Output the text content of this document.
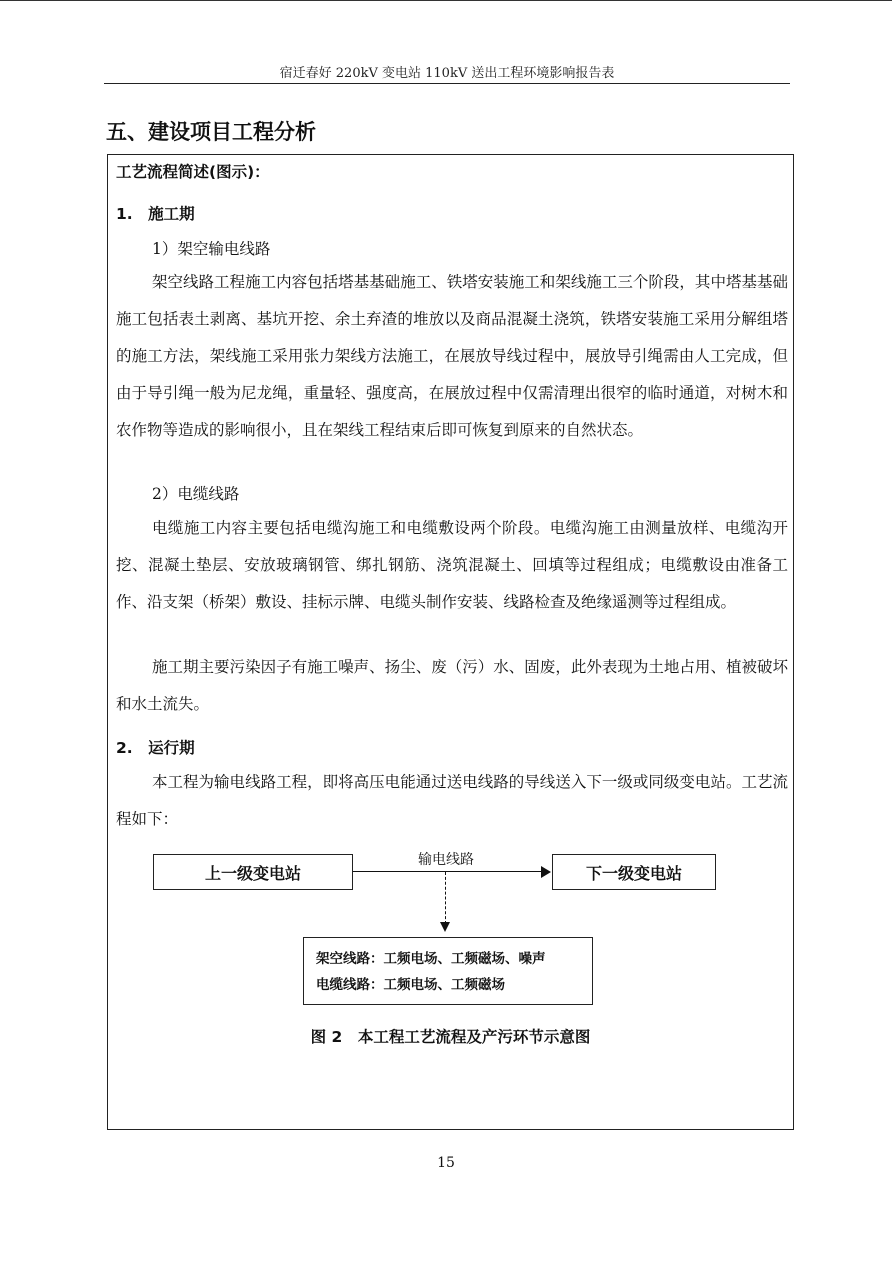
宿迁春好 220kV 变电站 110kV 送出工程环境影响报告表
五、建设项目工程分析
工艺流程简述(图示)：
1.　施工期
1）架空输电线路
架空线路工程施工内容包括塔基基础施工、铁塔安装施工和架线施工三个阶段，其中塔基基础施工包括表土剥离、基坑开挖、余土弃渣的堆放以及商品混凝土浇筑，铁塔安装施工采用分解组塔的施工方法，架线施工采用张力架线方法施工，在展放导线过程中，展放导引绳需由人工完成，但由于导引绳一般为尼龙绳，重量轻、强度高，在展放过程中仅需清理出很窄的临时通道，对树木和农作物等造成的影响很小，且在架线工程结束后即可恢复到原来的自然状态。
2）电缆线路
电缆施工内容主要包括电缆沟施工和电缆敷设两个阶段。电缆沟施工由测量放样、电缆沟开挖、混凝土垫层、安放玻璃钢管、绑扎钢筋、浇筑混凝土、回填等过程组成；电缆敷设由准备工作、沿支架（桥架）敷设、挂标示牌、电缆头制作安装、线路检查及绝缘遥测等过程组成。
施工期主要污染因子有施工噪声、扬尘、废（污）水、固废，此外表现为土地占用、植被破坏和水土流失。
2.　运行期
本工程为输电线路工程，即将高压电能通过送电线路的导线送入下一级或同级变电站。工艺流程如下：
上一级变电站
输电线路
下一级变电站
架空线路：工频电场、工频磁场、噪声
电缆线路：工频电场、工频磁场
图 2　本工程工艺流程及产污环节示意图
15
